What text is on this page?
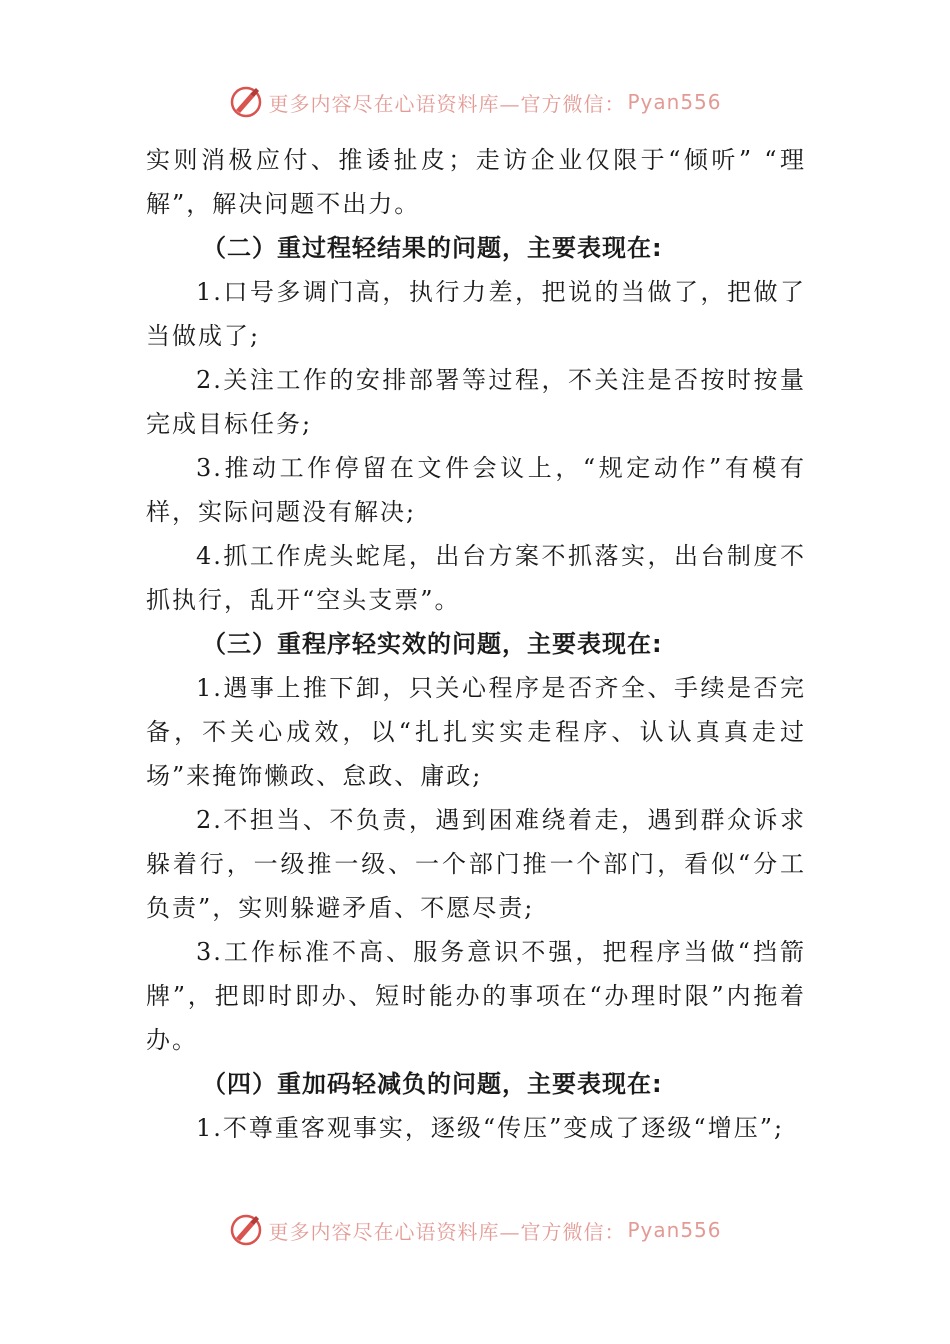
更多内容尽在心语资料库—官方微信： Pyan556

实则消极应付、推诿扯皮；走访企业仅限于“倾听” “理解”，解决问题不出力。

（二）重过程轻结果的问题，主要表现在:

1.口号多调门高，执行力差，把说的当做了，把做了当做成了;

2.关注工作的安排部署等过程，不关注是否按时按量完成目标任务;

3.推动工作停留在文件会议上，“规定动作”有模有样，实际问题没有解决;

4.抓工作虎头蛇尾，出台方案不抓落实，出台制度不抓执行，乱开“空头支票”。

（三）重程序轻实效的问题，主要表现在:

1.遇事上推下卸，只关心程序是否齐全、手续是否完备，不关心成效，以“扎扎实实走程序、认认真真走过场”来掩饰懒政、怠政、庸政;

2.不担当、不负责，遇到困难绕着走，遇到群众诉求躲着行，一级推一级、一个部门推一个部门，看似“分工负责”，实则躲避矛盾、不愿尽责;

3.工作标准不高、服务意识不强，把程序当做“挡箭牌”，把即时即办、短时能办的事项在“办理时限”内拖着办。

（四）重加码轻减负的问题，主要表现在:

1.不尊重客观事实，逐级“传压”变成了逐级“增压”;

更多内容尽在心语资料库—官方微信： Pyan556
